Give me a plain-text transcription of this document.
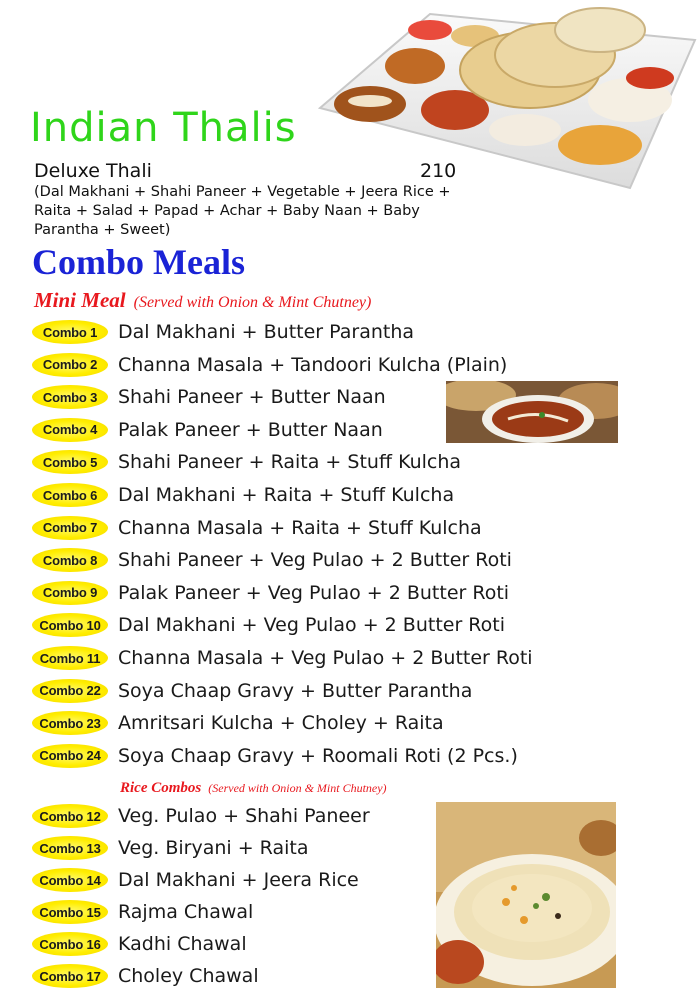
Indian Thalis
Deluxe Thali	210
(Dal Makhani + Shahi Paneer + Vegetable + Jeera Rice + Raita + Salad + Papad + Achar + Baby Naan + Baby Parantha + Sweet)
Combo Meals
Mini Meal (Served with Onion & Mint Chutney)
Combo 1	Dal Makhani + Butter Parantha
Combo 2	Channa Masala + Tandoori Kulcha (Plain)
Combo 3	Shahi Paneer + Butter Naan
Combo 4	Palak Paneer + Butter Naan
Combo 5	Shahi Paneer + Raita + Stuff Kulcha
Combo 6	Dal Makhani + Raita + Stuff Kulcha
Combo 7	Channa Masala + Raita + Stuff Kulcha
Combo 8	Shahi Paneer + Veg Pulao + 2 Butter Roti
Combo 9	Palak Paneer + Veg Pulao + 2 Butter Roti
Combo 10 Dal Makhani + Veg Pulao + 2 Butter Roti
Combo 11 Channa Masala + Veg Pulao + 2 Butter Roti
Combo 22 Soya Chaap Gravy + Butter Parantha
Combo 23 Amritsari Kulcha + Choley + Raita
Combo 24 Soya Chaap Gravy + Roomali Roti (2 Pcs.)
Rice Combos (Served with Onion & Mint Chutney)
Combo 12 Veg. Pulao + Shahi Paneer
Combo 13 Veg. Biryani + Raita
Combo 14 Dal Makhani + Jeera Rice
Combo 15 Rajma Chawal
Combo 16 Kadhi Chawal
Combo 17 Choley Chawal
